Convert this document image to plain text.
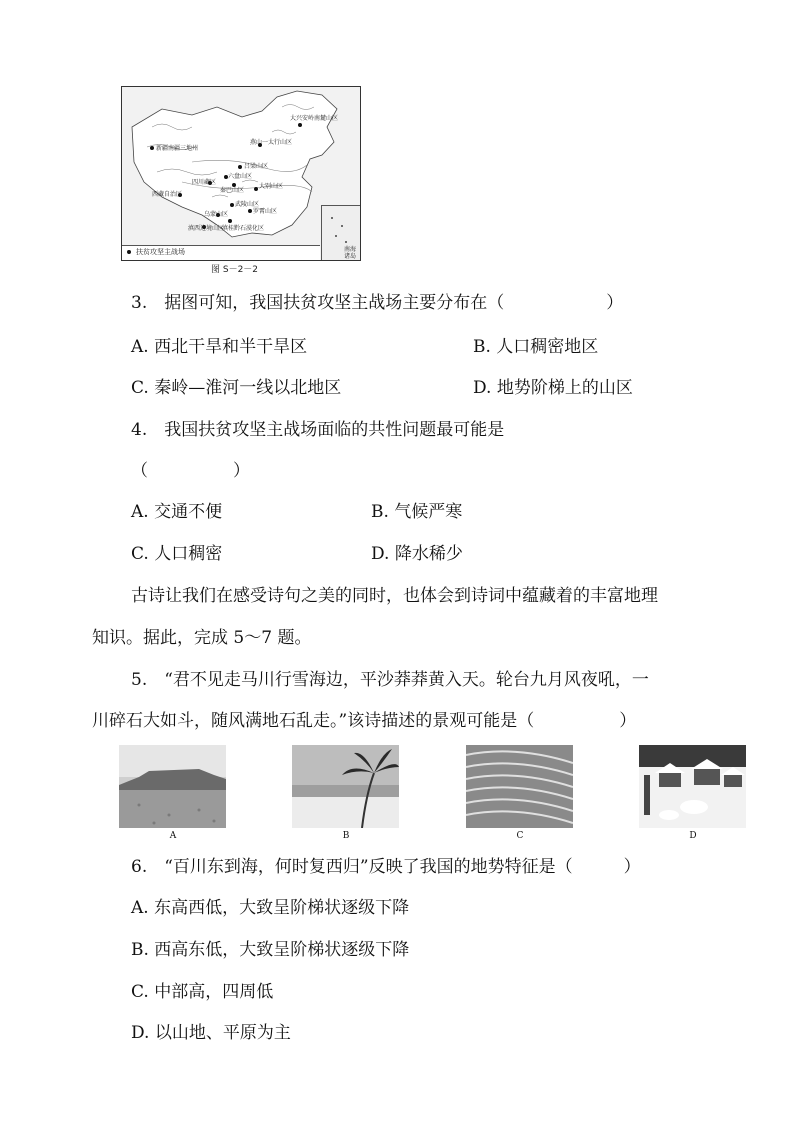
大兴安岭南麓山区
燕山一太行山区
新疆南疆三地州
吕梁山区
六盘山区
四川藏区
秦巴山区
大别山区
西藏自治区
武陵山区
乌蒙山区	罗霄山区
滇西边境山区
滇桂黔石漠化区
南海诸岛
扶贫攻坚主战场
图 S－2－2
3.　据图可知，我国扶贫攻坚主战场主要分布在（　　　　　　）
A. 西北干旱和半干旱区	B. 人口稠密地区
C. 秦岭—淮河一线以北地区	D. 地势阶梯上的山区
4.　我国扶贫攻坚主战场面临的共性问题最可能是
（　　　　　）
A. 交通不便	B. 气候严寒
C. 人口稠密	D. 降水稀少
古诗让我们在感受诗句之美的同时，也体会到诗词中蕴藏着的丰富地理
知识。据此，完成 5～7 题。
5.　“君不见走马川行雪海边，平沙莽莽黄入天。轮台九月风夜吼，一
川碎石大如斗，随风满地石乱走。”该诗描述的景观可能是（　　　　　）
A	B	C	D
6.　“百川东到海，何时复西归”反映了我国的地势特征是（　　　）
A. 东高西低，大致呈阶梯状逐级下降
B. 西高东低，大致呈阶梯状逐级下降
C. 中部高，四周低
D. 以山地、平原为主
